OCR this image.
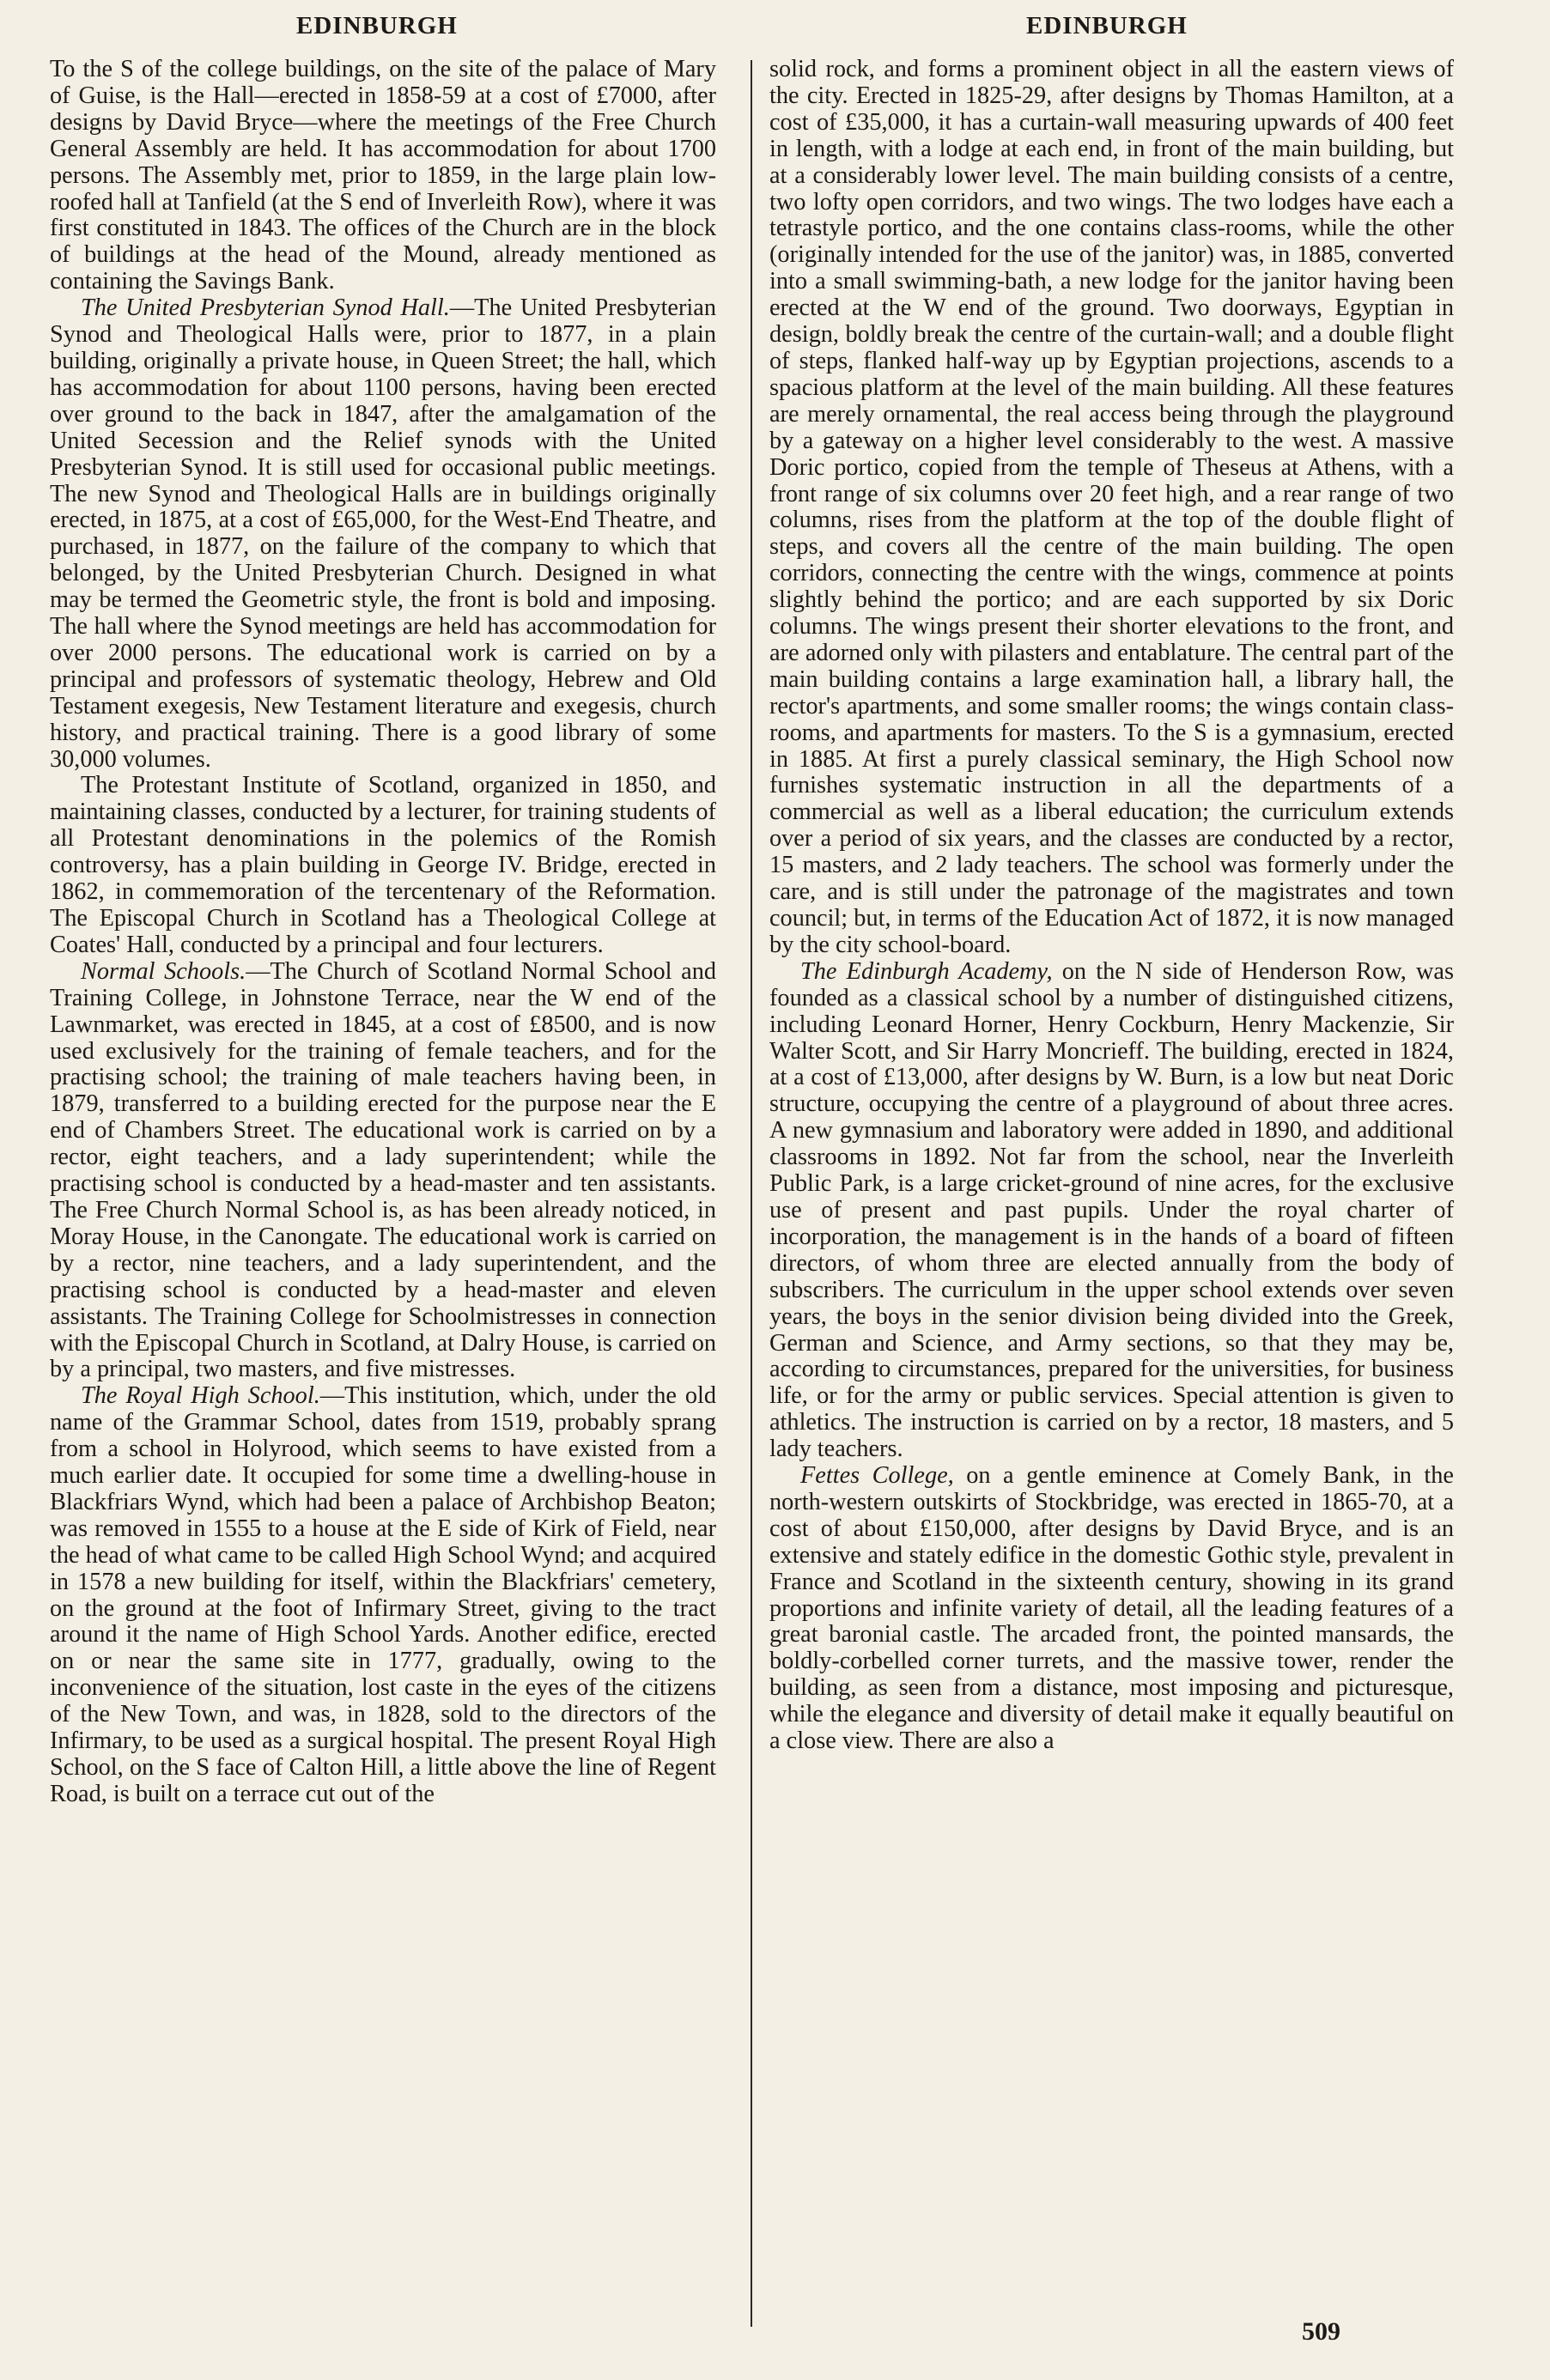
EDINBURGH	EDINBURGH

To the S of the college buildings, on the site of the palace of Mary of Guise, is the Hall—erected in 1858-59 at a cost of £7000, after designs by David Bryce—where the meetings of the Free Church General Assembly are held. It has accommodation for about 1700 persons. The Assembly met, prior to 1859, in the large plain low-roofed hall at Tanfield (at the S end of Inverleith Row), where it was first constituted in 1843. The offices of the Church are in the block of buildings at the head of the Mound, already mentioned as containing the Savings Bank.

The United Presbyterian Synod Hall.—The United Presbyterian Synod and Theological Halls were, prior to 1877, in a plain building, originally a private house, in Queen Street; the hall, which has accommodation for about 1100 persons, having been erected over ground to the back in 1847, after the amalgamation of the United Secession and the Relief synods with the United Presbyterian Synod. It is still used for occasional public meetings. The new Synod and Theological Halls are in buildings originally erected, in 1875, at a cost of £65,000, for the West-End Theatre, and purchased, in 1877, on the failure of the company to which that belonged, by the United Presbyterian Church. Designed in what may be termed the Geometric style, the front is bold and imposing. The hall where the Synod meetings are held has accommodation for over 2000 persons. The educational work is carried on by a principal and professors of systematic theology, Hebrew and Old Testament exegesis, New Testament literature and exegesis, church history, and practical training. There is a good library of some 30,000 volumes.

The Protestant Institute of Scotland, organized in 1850, and maintaining classes, conducted by a lecturer, for training students of all Protestant denominations in the polemics of the Romish controversy, has a plain building in George IV. Bridge, erected in 1862, in commemoration of the tercentenary of the Reformation. The Episcopal Church in Scotland has a Theological College at Coates' Hall, conducted by a principal and four lecturers.

Normal Schools.—The Church of Scotland Normal School and Training College, in Johnstone Terrace, near the W end of the Lawnmarket, was erected in 1845, at a cost of £8500, and is now used exclusively for the training of female teachers, and for the practising school; the training of male teachers having been, in 1879, transferred to a building erected for the purpose near the E end of Chambers Street. The educational work is carried on by a rector, eight teachers, and a lady superintendent; while the practising school is conducted by a head-master and ten assistants. The Free Church Normal School is, as has been already noticed, in Moray House, in the Canongate. The educational work is carried on by a rector, nine teachers, and a lady superintendent, and the practising school is conducted by a head-master and eleven assistants. The Training College for Schoolmistresses in connection with the Episcopal Church in Scotland, at Dalry House, is carried on by a principal, two masters, and five mistresses.

The Royal High School.—This institution, which, under the old name of the Grammar School, dates from 1519, probably sprang from a school in Holyrood, which seems to have existed from a much earlier date. It occupied for some time a dwelling-house in Blackfriars Wynd, which had been a palace of Archbishop Beaton; was removed in 1555 to a house at the E side of Kirk of Field, near the head of what came to be called High School Wynd; and acquired in 1578 a new building for itself, within the Blackfriars' cemetery, on the ground at the foot of Infirmary Street, giving to the tract around it the name of High School Yards. Another edifice, erected on or near the same site in 1777, gradually, owing to the inconvenience of the situation, lost caste in the eyes of the citizens of the New Town, and was, in 1828, sold to the directors of the Infirmary, to be used as a surgical hospital. The present Royal High School, on the S face of Calton Hill, a little above the line of Regent Road, is built on a terrace cut out of the

solid rock, and forms a prominent object in all the eastern views of the city. Erected in 1825-29, after designs by Thomas Hamilton, at a cost of £35,000, it has a curtain-wall measuring upwards of 400 feet in length, with a lodge at each end, in front of the main building, but at a considerably lower level. The main building consists of a centre, two lofty open corridors, and two wings. The two lodges have each a tetrastyle portico, and the one contains class-rooms, while the other (originally intended for the use of the janitor) was, in 1885, converted into a small swimming-bath, a new lodge for the janitor having been erected at the W end of the ground. Two doorways, Egyptian in design, boldly break the centre of the curtain-wall; and a double flight of steps, flanked half-way up by Egyptian projections, ascends to a spacious platform at the level of the main building. All these features are merely ornamental, the real access being through the playground by a gateway on a higher level considerably to the west. A massive Doric portico, copied from the temple of Theseus at Athens, with a front range of six columns over 20 feet high, and a rear range of two columns, rises from the platform at the top of the double flight of steps, and covers all the centre of the main building. The open corridors, connecting the centre with the wings, commence at points slightly behind the portico; and are each supported by six Doric columns. The wings present their shorter elevations to the front, and are adorned only with pilasters and entablature. The central part of the main building contains a large examination hall, a library hall, the rector's apartments, and some smaller rooms; the wings contain class-rooms, and apartments for masters. To the S is a gymnasium, erected in 1885. At first a purely classical seminary, the High School now furnishes systematic instruction in all the departments of a commercial as well as a liberal education; the curriculum extends over a period of six years, and the classes are conducted by a rector, 15 masters, and 2 lady teachers. The school was formerly under the care, and is still under the patronage of the magistrates and town council; but, in terms of the Education Act of 1872, it is now managed by the city school-board.

The Edinburgh Academy, on the N side of Henderson Row, was founded as a classical school by a number of distinguished citizens, including Leonard Horner, Henry Cockburn, Henry Mackenzie, Sir Walter Scott, and Sir Harry Moncrieff. The building, erected in 1824, at a cost of £13,000, after designs by W. Burn, is a low but neat Doric structure, occupying the centre of a playground of about three acres. A new gymnasium and laboratory were added in 1890, and additional classrooms in 1892. Not far from the school, near the Inverleith Public Park, is a large cricket-ground of nine acres, for the exclusive use of present and past pupils. Under the royal charter of incorporation, the management is in the hands of a board of fifteen directors, of whom three are elected annually from the body of subscribers. The curriculum in the upper school extends over seven years, the boys in the senior division being divided into the Greek, German and Science, and Army sections, so that they may be, according to circumstances, prepared for the universities, for business life, or for the army or public services. Special attention is given to athletics. The instruction is carried on by a rector, 18 masters, and 5 lady teachers.

Fettes College, on a gentle eminence at Comely Bank, in the north-western outskirts of Stockbridge, was erected in 1865-70, at a cost of about £150,000, after designs by David Bryce, and is an extensive and stately edifice in the domestic Gothic style, prevalent in France and Scotland in the sixteenth century, showing in its grand proportions and infinite variety of detail, all the leading features of a great baronial castle. The arcaded front, the pointed mansards, the boldly-corbelled corner turrets, and the massive tower, render the building, as seen from a distance, most imposing and picturesque, while the elegance and diversity of detail make it equally beautiful on a close view. There are also a

509
